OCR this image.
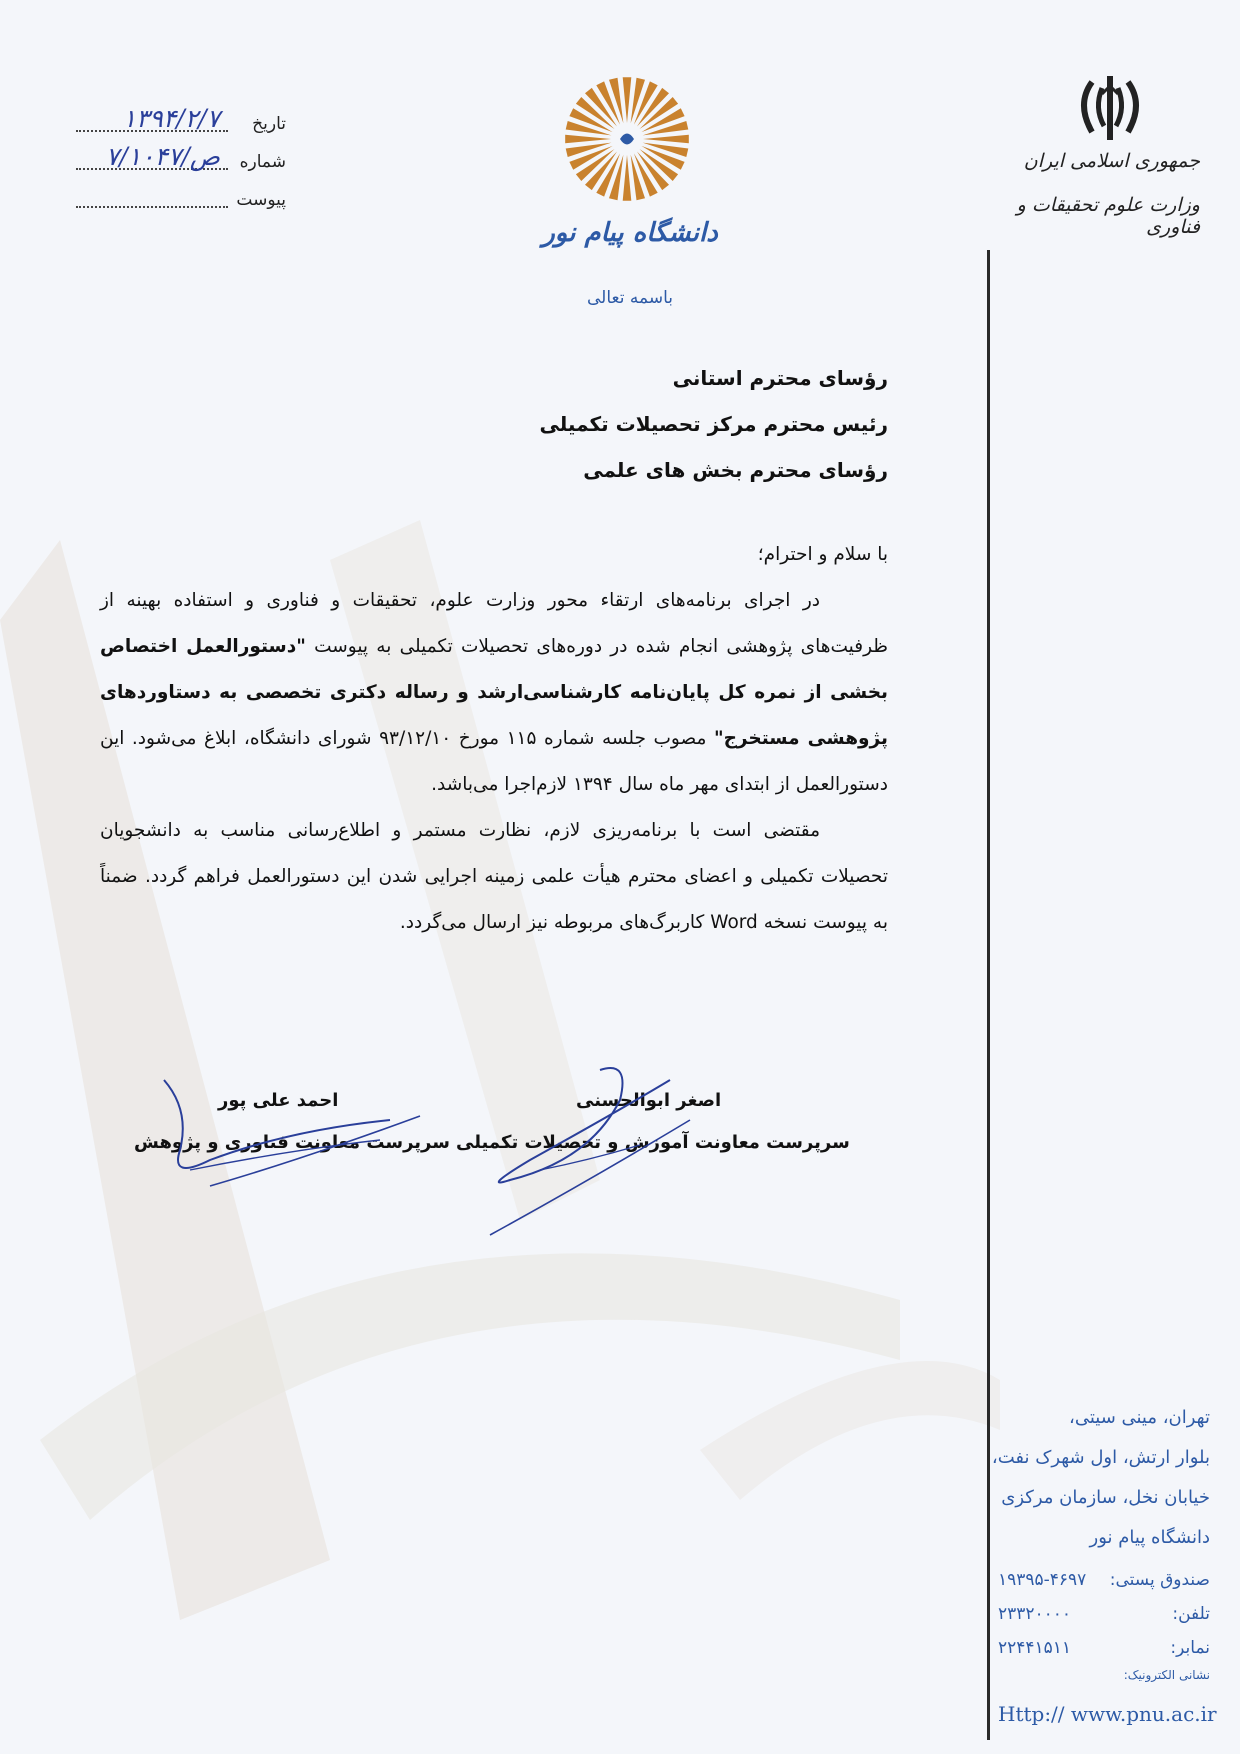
تاریخ
۱۳۹۴/۲/۷
شماره
ص/۷/۱۰۴۷
پیوست
دانشگاه پیام نور
باسمه تعالی
جمهوری اسلامی ایران
وزارت علوم تحقیقات و فناوری
رؤسای محترم استانی
رئیس محترم مرکز تحصیلات تکمیلی
رؤسای محترم بخش های علمی

با سلام و احترام؛

در اجرای برنامه‌های ارتقاء محور وزارت علوم، تحقیقات و فناوری و استفاده بهینه از ظرفیت‌های پژوهشی انجام شده در دوره‌های تحصیلات تکمیلی به پیوست "دستورالعمل اختصاص بخشی از نمره کل پایان‌نامه کارشناسی‌ارشد و رساله دکتری تخصصی به دستاوردهای پژوهشی مستخرج" مصوب جلسه شماره ۱۱۵ مورخ ۹۳/۱۲/۱۰ شورای دانشگاه، ابلاغ می‌شود. این دستورالعمل از ابتدای مهر ماه سال ۱۳۹۴ لازم‌اجرا می‌باشد.

مقتضی است با برنامه‌ریزی لازم، نظارت مستمر و اطلاع‌رسانی مناسب به دانشجویان تحصیلات تکمیلی و اعضای محترم هیأت علمی زمینه اجرایی شدن این دستورالعمل فراهم گردد. ضمناً به پیوست نسخه Word کاربرگ‌های مربوطه نیز ارسال می‌گردد.

اصغر ابوالحسنی
سرپرست معاونت آموزش و تحصیلات تکمیلی
احمد علی پور
سرپرست معاونت فناوری و پژوهش
تهران، مینی سیتی،
بلوار ارتش، اول شهرک نفت،
خیابان نخل، سازمان مرکزی
دانشگاه پیام نور
صندوق پستی:
۱۹۳۹۵-۴۶۹۷
تلفن:
۲۳۳۲۰۰۰۰
نمابر:
۲۲۴۴۱۵۱۱
نشانی الکترونیک:
Http:// www.pnu.ac.ir
